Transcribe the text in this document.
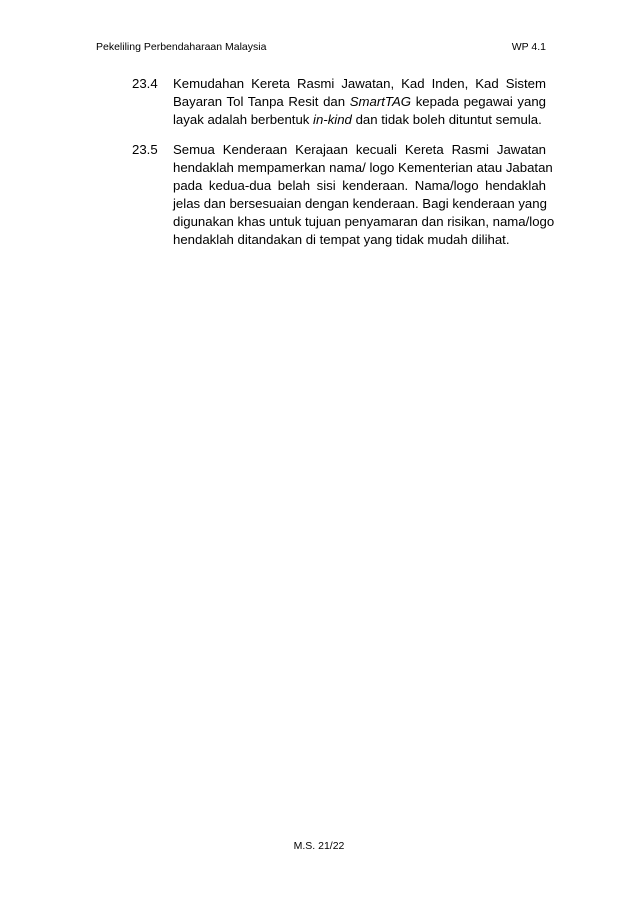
Pekeliling Perbendaharaan Malaysia	WP 4.1
23.4	Kemudahan Kereta Rasmi Jawatan, Kad Inden, Kad Sistem
Bayaran Tol Tanpa Resit dan SmartTAG kepada pegawai yang
layak adalah berbentuk in-kind dan tidak boleh dituntut semula.
23.5	Semua Kenderaan Kerajaan kecuali Kereta Rasmi Jawatan
hendaklah mempamerkan nama/ logo Kementerian atau Jabatan
pada kedua-dua belah sisi kenderaan. Nama/logo hendaklah
jelas dan bersesuaian dengan kenderaan. Bagi kenderaan yang
digunakan khas untuk tujuan penyamaran dan risikan, nama/logo
hendaklah ditandakan di tempat yang tidak mudah dilihat.
M.S. 21/22
